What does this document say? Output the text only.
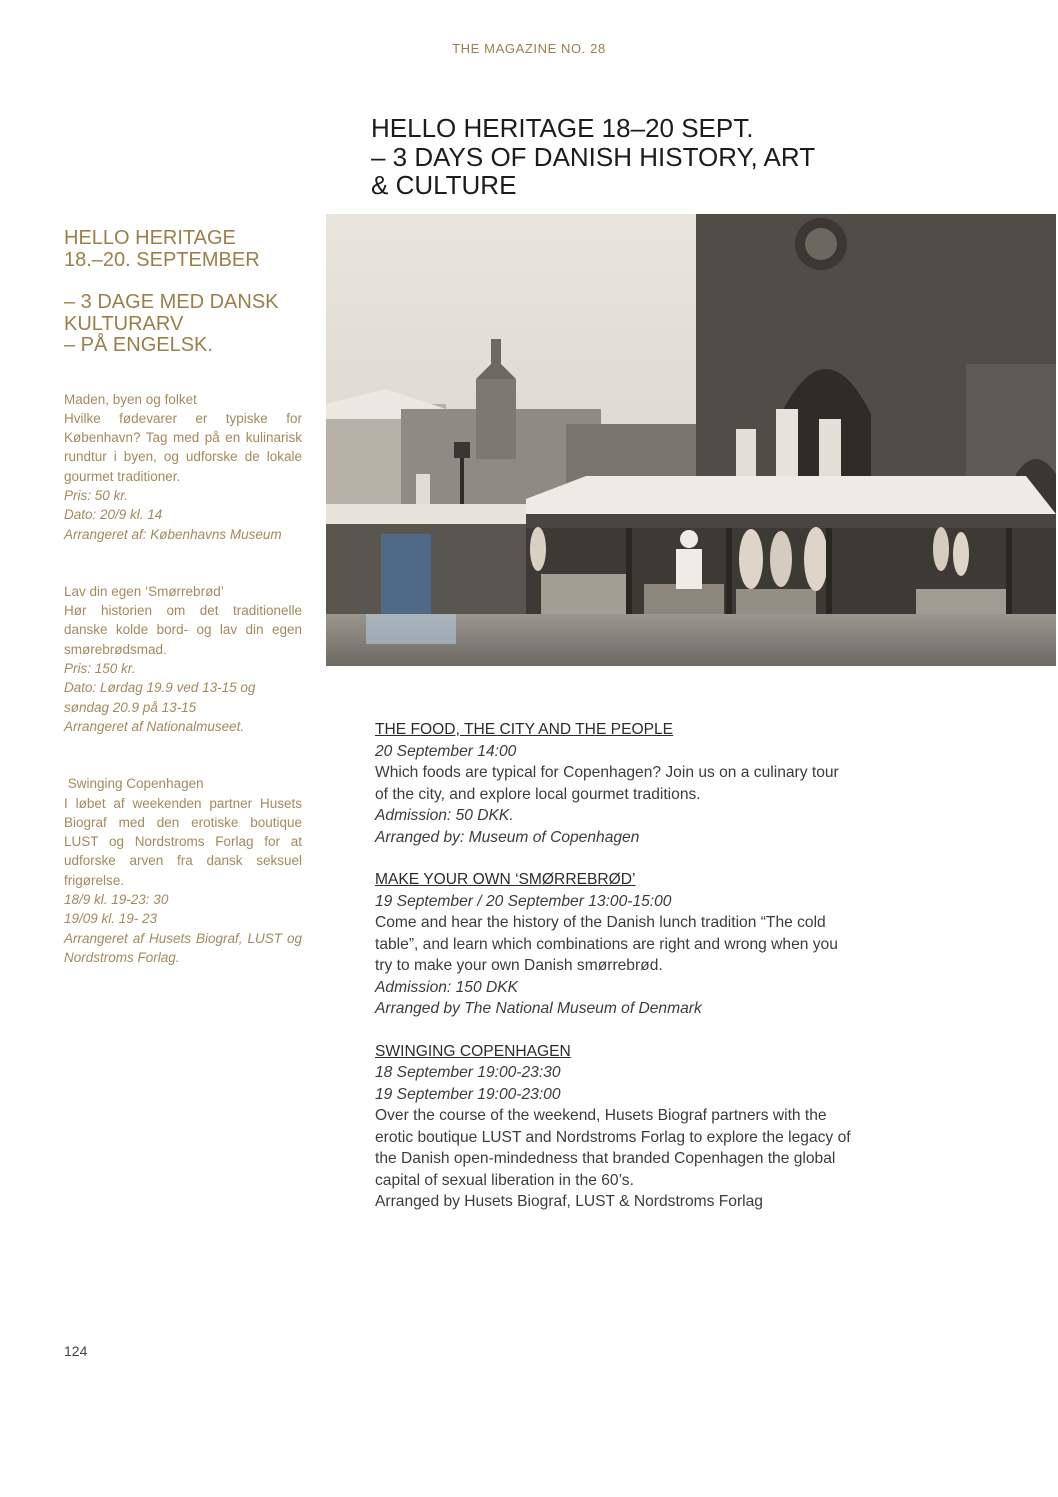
THE MAGAZINE NO. 28
HELLO HERITAGE 18–20 SEPT.
– 3 DAYS OF DANISH HISTORY, ART
& CULTURE
HELLO HERITAGE
18.–20. SEPTEMBER
– 3 DAGE MED DANSK
KULTURARV
– PÅ ENGELSK.
Maden, byen og folket
Hvilke fødevarer er typiske for København? Tag med på en kulinarisk rundtur i byen, og udforske de lokale gourmet traditioner.
Pris: 50 kr.
Dato: 20/9 kl. 14
Arrangeret af: Københavns Museum
Lav din egen ‘Smørrebrød’
Hør historien om det traditionelle danske kolde bord- og lav din egen smørebrødsmad.
Pris: 150 kr.
Dato: Lørdag 19.9 ved 13-15 og søndag 20.9 på 13-15
Arrangeret af Nationalmuseet.
Swinging Copenhagen
I løbet af weekenden partner Husets Biograf med den erotiske boutique LUST og Nordstroms Forlag for at udforske arven fra dansk seksuel frigørelse.
18/9 kl. 19-23: 30
19/09 kl. 19- 23
Arrangeret af Husets Biograf, LUST og Nordstroms Forlag.
THE FOOD, THE CITY AND THE PEOPLE
20 September 14:00
Which foods are typical for Copenhagen? Join us on a culinary tour of the city, and explore local gourmet traditions.
Admission: 50 DKK.
Arranged by: Museum of Copenhagen
MAKE YOUR OWN ‘SMØRREBRØD’
19 September / 20 September 13:00-15:00
Come and hear the history of the Danish lunch tradition “The cold table”, and learn which combinations are right and wrong when you try to make your own Danish smørrebrød.
Admission: 150 DKK
Arranged by The National Museum of Denmark
SWINGING COPENHAGEN
18 September 19:00-23:30
19 September 19:00-23:00
Over the course of the weekend, Husets Biograf partners with the erotic boutique LUST and Nordstroms Forlag to explore the legacy of the Danish open-mindedness that branded Copenhagen the global capital of sexual liberation in the 60’s.
Arranged by Husets Biograf, LUST & Nordstroms Forlag
124
